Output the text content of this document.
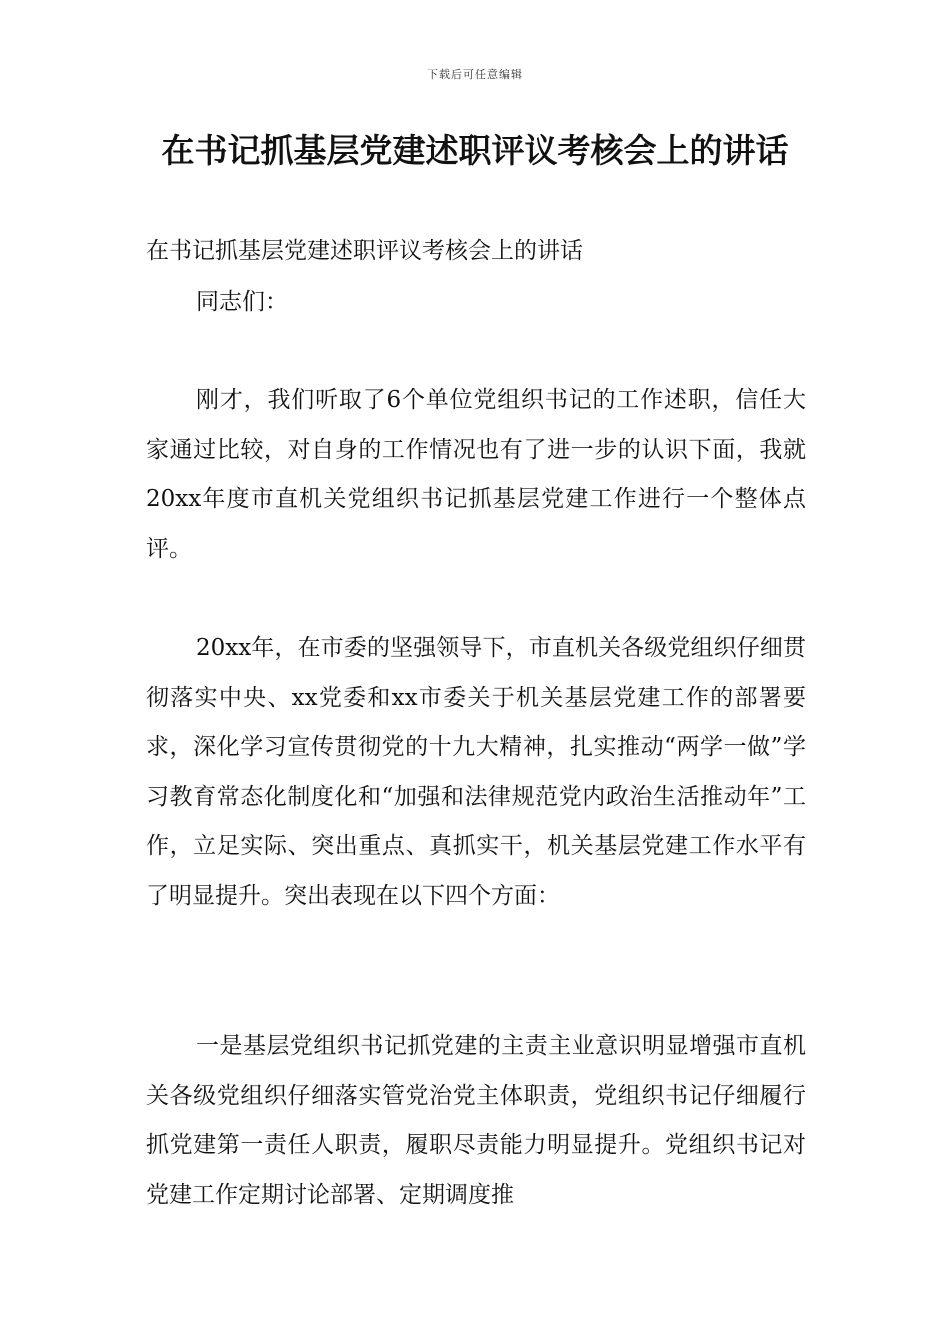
下载后可任意编辑
在书记抓基层党建述职评议考核会上的讲话

在书记抓基层党建述职评议考核会上的讲话

同志们：

刚才，我们听取了6个单位党组织书记的工作述职，信任大家通过比较，对自身的工作情况也有了进一步的认识下面，我就20xx年度市直机关党组织书记抓基层党建工作进行一个整体点评。

20xx年，在市委的坚强领导下，市直机关各级党组织仔细贯彻落实中央、xx党委和xx市委关于机关基层党建工作的部署要求，深化学习宣传贯彻党的十九大精神，扎实推动“两学一做”学习教育常态化制度化和“加强和法律规范党内政治生活推动年”工作，立足实际、突出重点、真抓实干，机关基层党建工作水平有了明显提升。突出表现在以下四个方面：

一是基层党组织书记抓党建的主责主业意识明显增强市直机关各级党组织仔细落实管党治党主体职责，党组织书记仔细履行抓党建第一责任人职责，履职尽责能力明显提升。党组织书记对党建工作定期讨论部署、定期调度推
